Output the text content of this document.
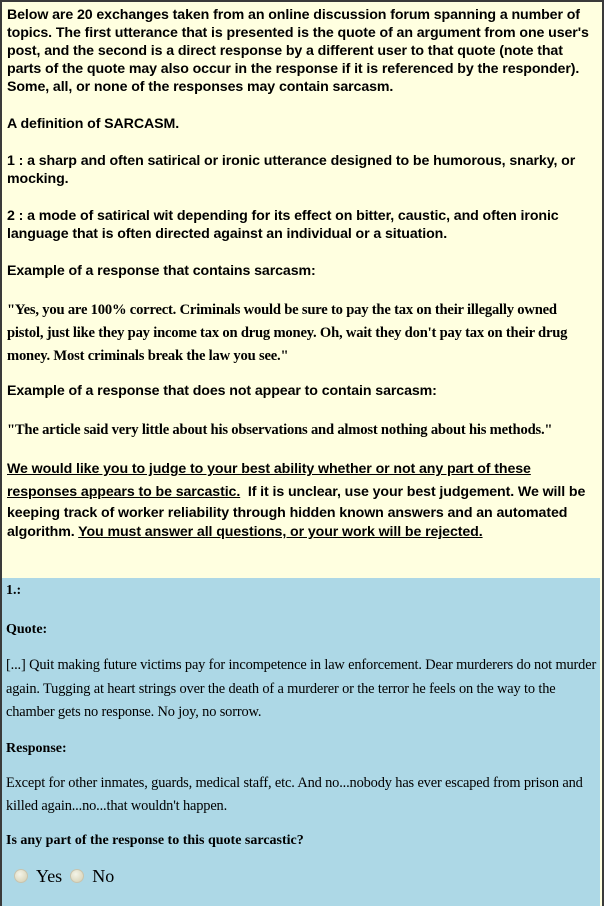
Below are 20 exchanges taken from an online discussion forum spanning a number of topics. The first utterance that is presented is the quote of an argument from one user's post, and the second is a direct response by a different user to that quote (note that parts of the quote may also occur in the response if it is referenced by the responder). Some, all, or none of the responses may contain sarcasm.

A definition of SARCASM.

1 : a sharp and often satirical or ironic utterance designed to be humorous, snarky, or mocking.

2 : a mode of satirical wit depending for its effect on bitter, caustic, and often ironic language that is often directed against an individual or a situation.

Example of a response that contains sarcasm:

"Yes, you are 100% correct. Criminals would be sure to pay the tax on their illegally owned pistol, just like they pay income tax on drug money. Oh, wait they don't pay tax on their drug money. Most criminals break the law you see."

Example of a response that does not appear to contain sarcasm:

"The article said very little about his observations and almost nothing about his methods."

We would like you to judge to your best ability whether or not any part of these responses appears to be sarcastic.  If it is unclear, use your best judgement. We will be keeping track of worker reliability through hidden known answers and an automated algorithm. You must answer all questions, or your work will be rejected.

1.:
Quote:
[...] Quit making future victims pay for incompetence in law enforcement. Dear murderers do not murder again. Tugging at heart strings over the death of a murderer or the terror he feels on the way to the chamber gets no response. No joy, no sorrow.
Response:
Except for other inmates, guards, medical staff, etc. And no...nobody has ever escaped from prison and killed again...no...that wouldn't happen.
Is any part of the response to this quote sarcastic?
Yes No
